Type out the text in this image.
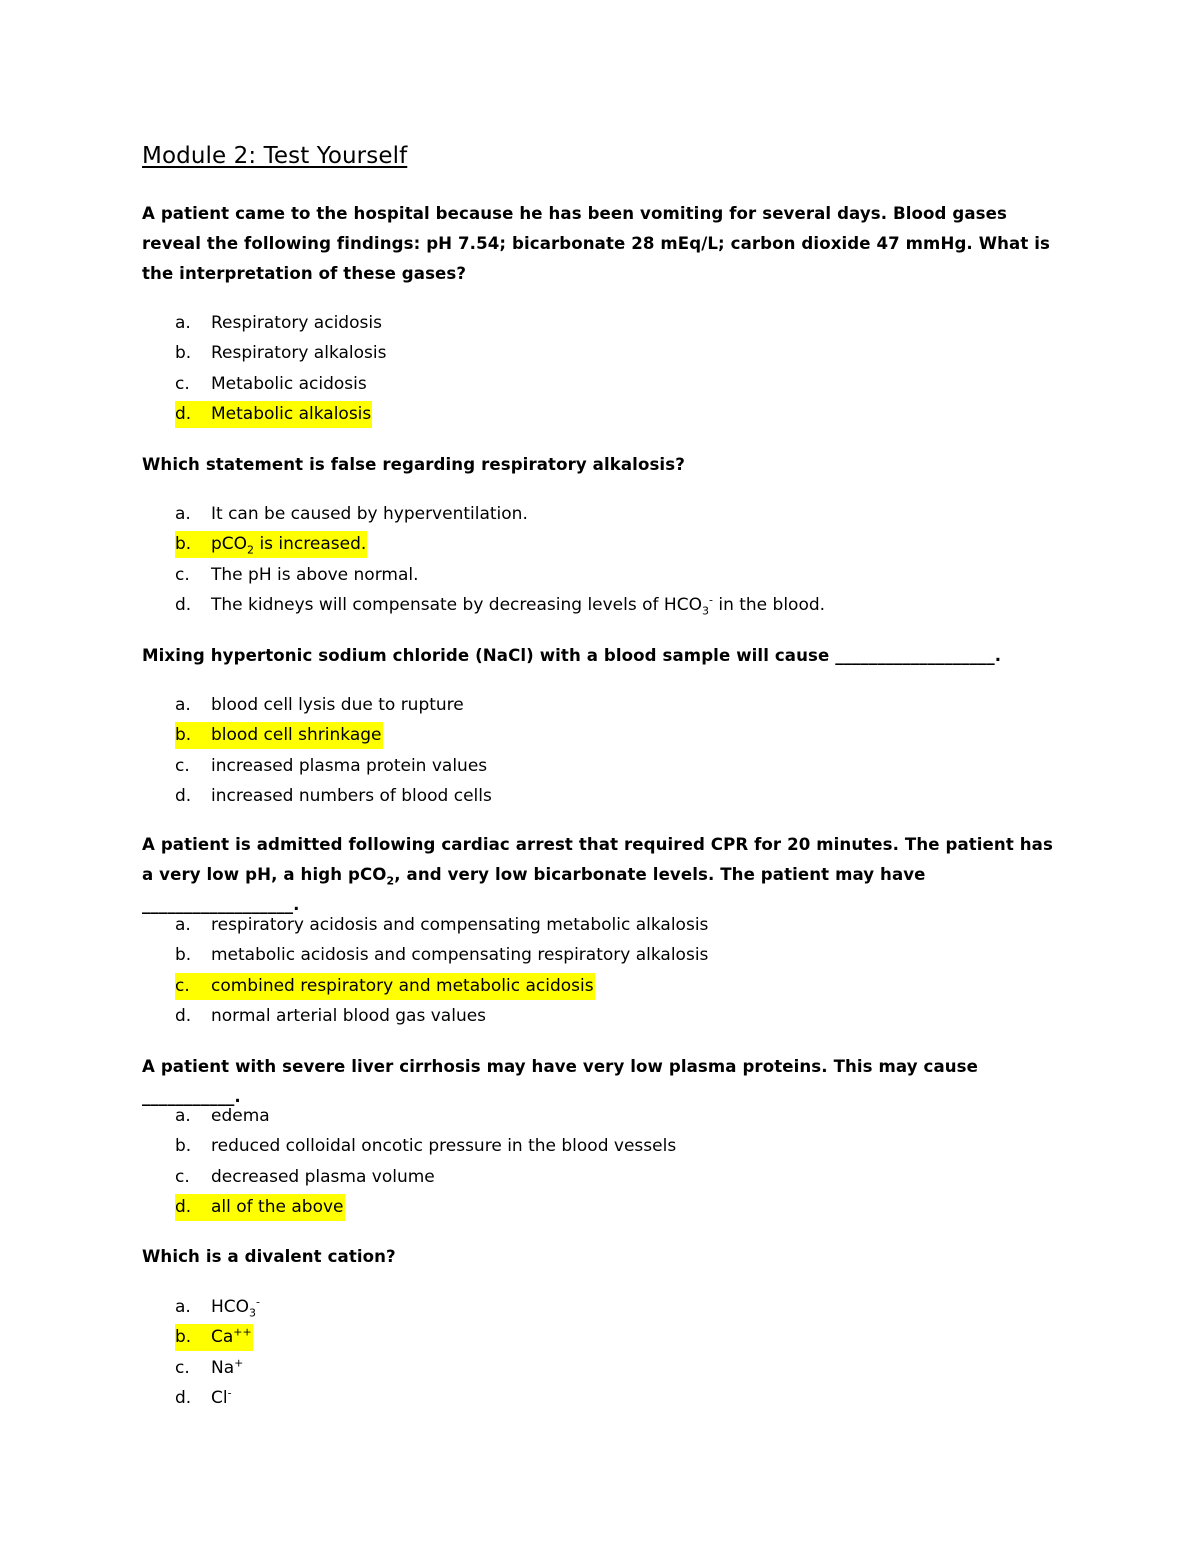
Module 2: Test Yourself
A patient came to the hospital because he has been vomiting for several days. Blood gases reveal the following findings: pH 7.54; bicarbonate 28 mEq/L; carbon dioxide 47 mmHg. What is the interpretation of these gases?
a. Respiratory acidosis
b. Respiratory alkalosis
c. Metabolic acidosis
d. Metabolic alkalosis
Which statement is false regarding respiratory alkalosis?
a. It can be caused by hyperventilation.
b. pCO$_2$ is increased.
c. The pH is above normal.
d. The kidneys will compensate by decreasing levels of $HCO_3^-$ in the blood.
Mixing hypertonic sodium chloride (NaCl) with a blood sample will cause ___________________.
a. blood cell lysis due to rupture
b. blood cell shrinkage
c. increased plasma protein values
d. increased numbers of blood cells
A patient is admitted following cardiac arrest that required CPR for 20 minutes. The patient has a very low pH, a high pCO$_2$, and very low bicarbonate levels. The patient may have __________________.
a. respiratory acidosis and compensating metabolic alkalosis
b. metabolic acidosis and compensating respiratory alkalosis
c. combined respiratory and metabolic acidosis
d. normal arterial blood gas values
A patient with severe liver cirrhosis may have very low plasma proteins. This may cause ___________.
a. edema
b. reduced colloidal oncotic pressure in the blood vessels
c. decreased plasma volume
d. all of the above
Which is a divalent cation?
a. $HCO_3^-$
b. Ca++
c. Na+
d. Cl-
